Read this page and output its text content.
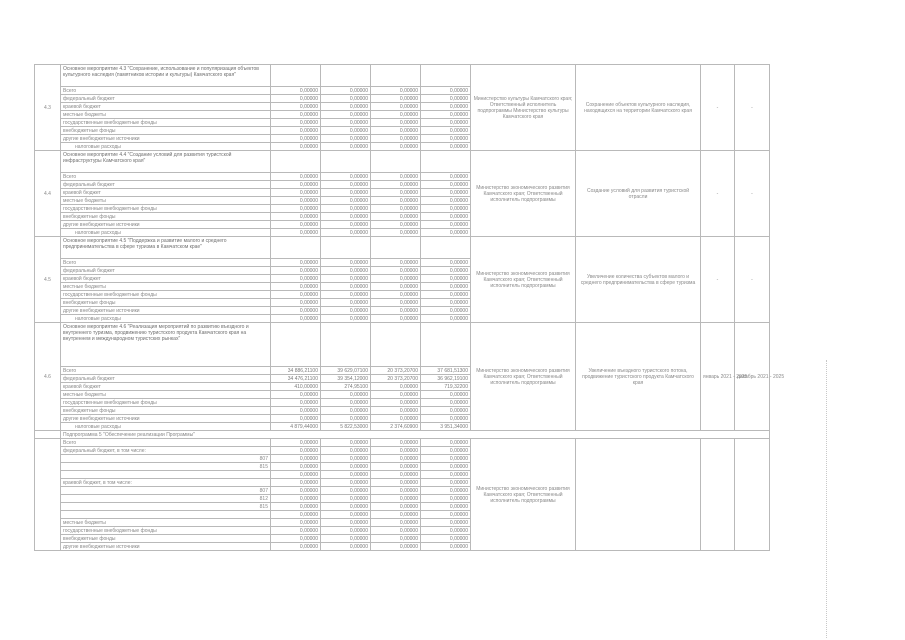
4.3	Основное мероприятие 4.3 "Сохранение, использование и популяризация объектов культурного наследия (памятников истории и культуры) Камчатского края"					Министерство культуры Камчатского края; Ответственный исполнитель подпрограммы Министерство культуры Камчатского края	Сохранение объектов культурного наследия, находящихся на территории Камчатского края	-	-
	Всего	0,00000	0,00000	0,00000	0,00000				
	федеральный бюджет	0,00000	0,00000	0,00000	0,00000				
	краевой бюджет	0,00000	0,00000	0,00000	0,00000				
	местные бюджеты	0,00000	0,00000	0,00000	0,00000				
	государственные внебюджетные фонды	0,00000	0,00000	0,00000	0,00000				
	внебюджетные фонды	0,00000	0,00000	0,00000	0,00000				
	другие внебюджетные источники	0,00000	0,00000	0,00000	0,00000				
	налоговые расходы	0,00000	0,00000	0,00000	0,00000				
4.4	Основное мероприятие 4.4 "Создание условий для развития туристской инфраструктуры Камчатского края"					Министерство экономического развития Камчатского края; Ответственный исполнитель подпрограммы	Создание условий для развития туристской отрасли	-	-
	Всего	0,00000	0,00000	0,00000	0,00000				
	федеральный бюджет	0,00000	0,00000	0,00000	0,00000				
	краевой бюджет	0,00000	0,00000	0,00000	0,00000				
	местные бюджеты	0,00000	0,00000	0,00000	0,00000				
	государственные внебюджетные фонды	0,00000	0,00000	0,00000	0,00000				
	внебюджетные фонды	0,00000	0,00000	0,00000	0,00000				
	другие внебюджетные источники	0,00000	0,00000	0,00000	0,00000				
	налоговые расходы	0,00000	0,00000	0,00000	0,00000				
4.5	Основное мероприятие 4.5 "Поддержка и развитие малого и среднего предпринимательства в сфере туризма в Камчатском крае"					Министерство экономического развития Камчатского края; Ответственный исполнитель подпрограммы	Увеличение количества субъектов малого и среднего предпринимательства в сфере туризма	-	-
	Всего	0,00000	0,00000	0,00000	0,00000				
	федеральный бюджет	0,00000	0,00000	0,00000	0,00000				
	краевой бюджет	0,00000	0,00000	0,00000	0,00000				
	местные бюджеты	0,00000	0,00000	0,00000	0,00000				
	государственные внебюджетные фонды	0,00000	0,00000	0,00000	0,00000				
	внебюджетные фонды	0,00000	0,00000	0,00000	0,00000				
	другие внебюджетные источники	0,00000	0,00000	0,00000	0,00000				
	налоговые расходы	0,00000	0,00000	0,00000	0,00000				
4.6	Основное мероприятие 4.6 "Реализация мероприятий по развитию въездного и внутреннего туризма, продвижению туристского продукта Камчатского края на внутреннем и международном туристских рынках"					Министерство экономического развития Камчатского края; Ответственный исполнитель подпрограммы	Увеличение въездного туристского потока, продвижение туристского продукта Камчатского края	январь 2021 - 2025	декабрь 2021 - 2025
	Всего	34 886,21100	39 629,07100	20 373,20700	37 681,51300				
	федеральный бюджет	34 476,21100	39 354,12000	20 373,20700	36 962,19100				
	краевой бюджет	410,00000	274,95100	0,00000	719,32200				
	местные бюджеты	0,00000	0,00000	0,00000	0,00000				
	государственные внебюджетные фонды	0,00000	0,00000	0,00000	0,00000				
	внебюджетные фонды	0,00000	0,00000	0,00000	0,00000				
	другие внебюджетные источники	0,00000	0,00000	0,00000	0,00000				
	налоговые расходы	4 879,44000	5 822,53000	2 374,60900	3 951,34000				
	Подпрограмма 5 "Обеспечение реализации Программы"								
	Всего	0,00000	0,00000	0,00000	0,00000	Министерство экономического развития Камчатского края; Ответственный исполнитель подпрограммы			
	федеральный бюджет, в том числе:	0,00000	0,00000	0,00000	0,00000				
	807	0,00000	0,00000	0,00000	0,00000				
	815	0,00000	0,00000	0,00000	0,00000				
		0,00000	0,00000	0,00000	0,00000				
	краевой бюджет, в том числе:	0,00000	0,00000	0,00000	0,00000				
	807	0,00000	0,00000	0,00000	0,00000				
	812	0,00000	0,00000	0,00000	0,00000				
	815	0,00000	0,00000	0,00000	0,00000				
		0,00000	0,00000	0,00000	0,00000				
	местные бюджеты	0,00000	0,00000	0,00000	0,00000				
	государственные внебюджетные фонды	0,00000	0,00000	0,00000	0,00000				
	внебюджетные фонды	0,00000	0,00000	0,00000	0,00000				
	другие внебюджетные источники	0,00000	0,00000	0,00000	0,00000				
